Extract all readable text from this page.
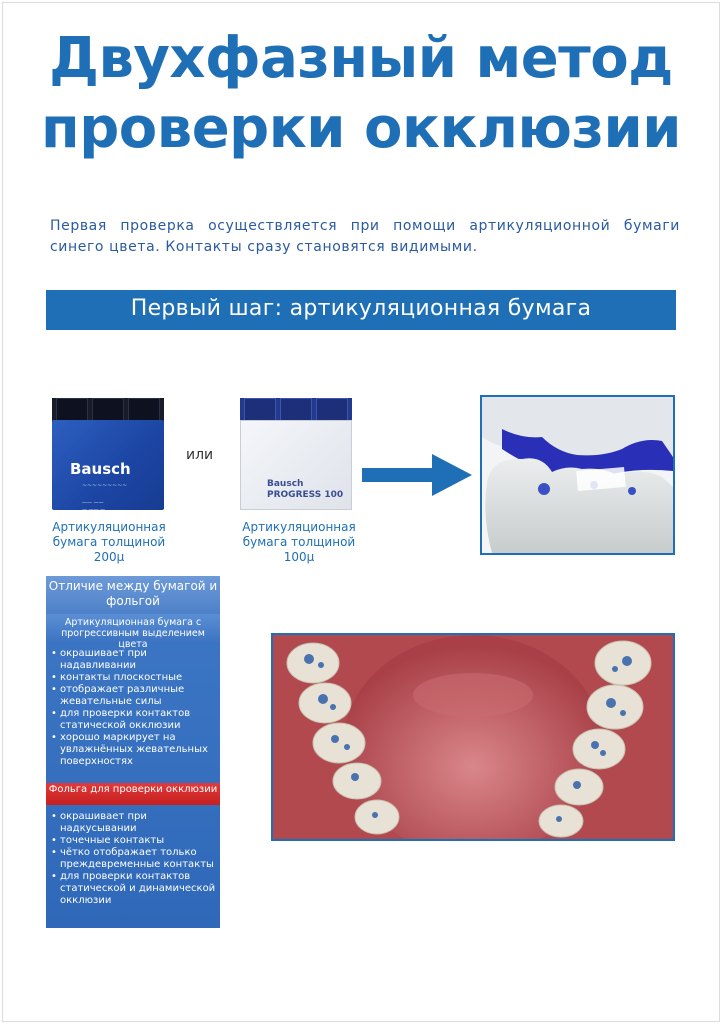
Двухфазный метод
проверки окклюзии

Первая проверка осуществляется при помощи артикуляционной бумаги синего цвета. Контакты сразу становятся видимыми.

Первый шаг: артикуляционная бумага
Bausch
~~~~~~~~~
—— ——
— —— —
или
Bausch
PROGRESS 100
Артикуляционная бумага толщиной 200µ
Артикуляционная бумага толщиной 100µ
Отличие между бумагой и фольгой
Артикуляционная бумага с прогрессивным выделением цвета
• окрашивает при надавливании
• контакты плоскостные
• отображает различные жевательные силы
• для проверки контактов статической окклюзии
• хорошо маркирует на увлажнённых жевательных поверхностях
Фольга для проверки окклюзии
• окрашивает при надкусывании
• точечные контакты
• чётко отображает только преждевременные контакты
• для проверки контактов статической и динамической окклюзии
